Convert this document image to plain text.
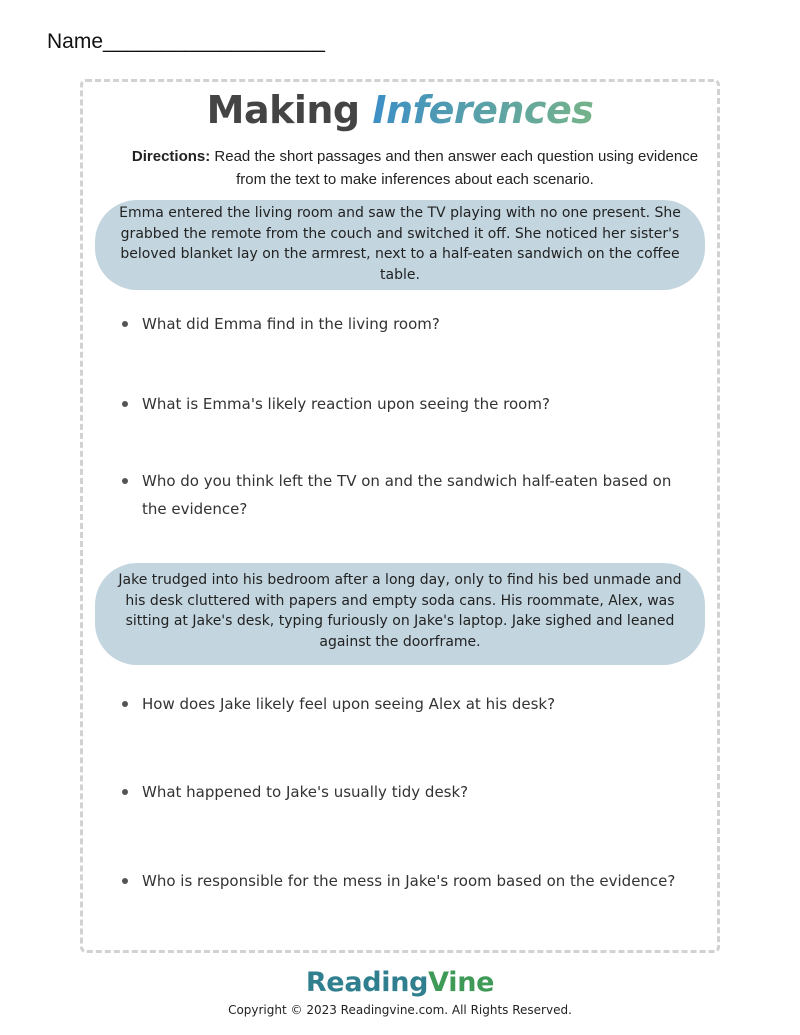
Name___________________
Making Inferences
Directions: Read the short passages and then answer each question using evidence from the text to make inferences about each scenario.
Emma entered the living room and saw the TV playing with no one present. She grabbed the remote from the couch and switched it off. She noticed her sister's beloved blanket lay on the armrest, next to a half-eaten sandwich on the coffee table.
What did Emma find in the living room?
What is Emma's likely reaction upon seeing the room?
Who do you think left the TV on and the sandwich half-eaten based on the evidence?
Jake trudged into his bedroom after a long day, only to find his bed unmade and his desk cluttered with papers and empty soda cans. His roommate, Alex, was sitting at Jake's desk, typing furiously on Jake's laptop. Jake sighed and leaned against the doorframe.
How does Jake likely feel upon seeing Alex at his desk?
What happened to Jake's usually tidy desk?
Who is responsible for the mess in Jake's room based on the evidence?
ReadingVine
Copyright © 2023 Readingvine.com. All Rights Reserved.
